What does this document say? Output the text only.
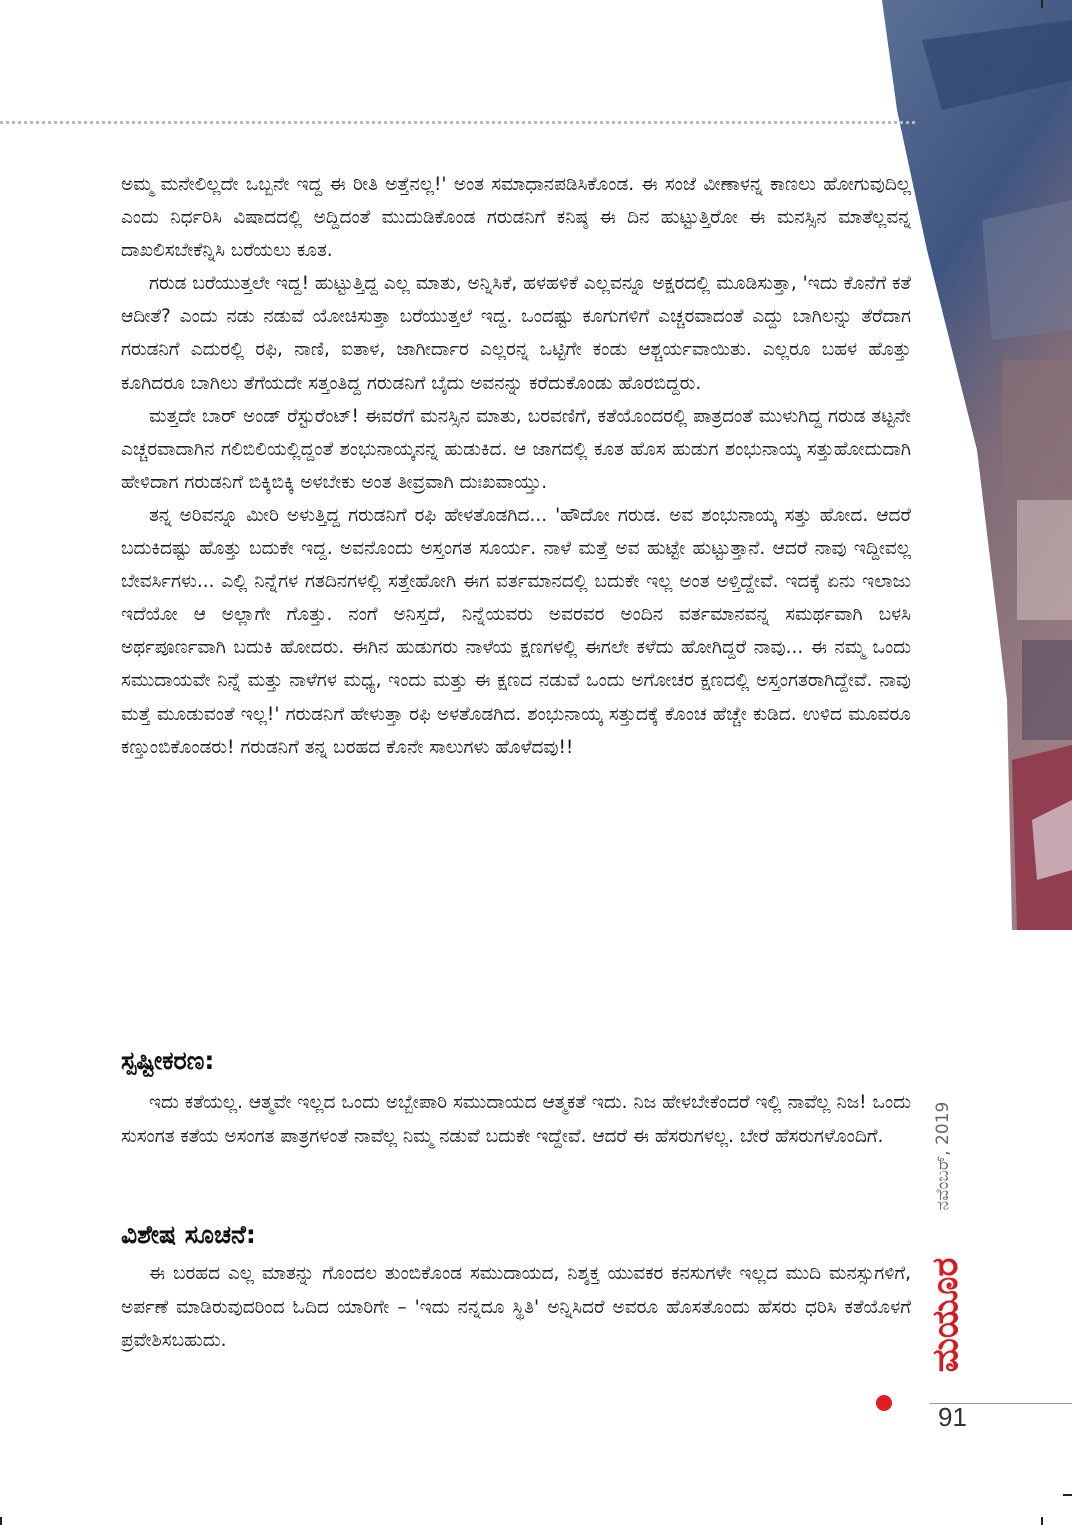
ಅಮ್ಮ ಮನೇಲಿಲ್ಲದೇ ಒಬ್ಬನೇ ಇದ್ದ ಈ ರೀತಿ ಅತ್ತೆನಲ್ಲ!' ಅಂತ ಸಮಾಧಾನಪಡಿಸಿಕೊಂಡ. ಈ ಸಂಜೆ ವೀಣಾಳನ್ನ ಕಾಣಲು ಹೋಗುವುದಿಲ್ಲ ಎಂದು ನಿರ್ಧರಿಸಿ ವಿಷಾದದಲ್ಲಿ ಅದ್ದಿದಂತೆ ಮುದುಡಿಕೊಂಡ ಗರುಡನಿಗೆ ಕನಿಷ್ಠ ಈ ದಿನ ಹುಟ್ಟುತ್ತಿರೋ ಈ ಮನಸ್ಸಿನ ಮಾತೆಲ್ಲವನ್ನ ದಾಖಲಿಸಬೇಕೆನ್ನಿಸಿ ಬರೆಯಲು ಕೂತ.

ಗರುಡ ಬರೆಯುತ್ತಲೇ ಇದ್ದ! ಹುಟ್ಟುತ್ತಿದ್ದ ಎಲ್ಲ ಮಾತು, ಅನ್ನಿಸಿಕೆ, ಹಳಹಳಿಕೆ ಎಲ್ಲವನ್ನೂ ಅಕ್ಷರದಲ್ಲಿ ಮೂಡಿಸುತ್ತಾ, 'ಇದು ಕೊನೆಗೆ ಕತೆ ಆದೀತೆ? ಎಂದು ನಡು ನಡುವೆ ಯೋಚಿಸುತ್ತಾ ಬರೆಯುತ್ತಲೆ ಇದ್ದ. ಒಂದಷ್ಟು ಕೂಗುಗಳಿಗೆ ಎಚ್ಚರವಾದಂತೆ ಎದ್ದು ಬಾಗಿಲನ್ನು ತೆರೆದಾಗ ಗರುಡನಿಗೆ ಎದುರಲ್ಲಿ ರಫಿ, ನಾಣಿ, ಐತಾಳ, ಜಾಗೀರ್ದಾರ ಎಲ್ಲರನ್ನ ಒಟ್ಟಿಗೇ ಕಂಡು ಆಶ್ಚರ್ಯವಾಯಿತು. ಎಲ್ಲರೂ ಬಹಳ ಹೊತ್ತು ಕೂಗಿದರೂ ಬಾಗಿಲು ತೆಗೆಯದೇ ಸತ್ತಂತಿದ್ದ ಗರುಡನಿಗೆ ಬೈದು ಅವನನ್ನು ಕರೆದುಕೊಂಡು ಹೊರಬಿದ್ದರು.

ಮತ್ತದೇ ಬಾರ್ ಅಂಡ್ ರೆಸ್ಟುರೆಂಟ್! ಈವರೆಗೆ ಮನಸ್ಸಿನ ಮಾತು, ಬರವಣಿಗೆ, ಕತೆಯೊಂದರಲ್ಲಿ ಪಾತ್ರದಂತೆ ಮುಳುಗಿದ್ದ ಗರುಡ ತಟ್ಟನೇ ಎಚ್ಚರವಾದಾಗಿನ ಗಲಿಬಿಲಿಯಲ್ಲಿದ್ದಂತೆ ಶಂಭುನಾಯ್ಕನನ್ನ ಹುಡುಕಿದ. ಆ ಜಾಗದಲ್ಲಿ ಕೂತ ಹೊಸ ಹುಡುಗ ಶಂಭುನಾಯ್ಕ ಸತ್ತುಹೋದುದಾಗಿ ಹೇಳಿದಾಗ ಗರುಡನಿಗೆ ಬಿಕ್ಕಿಬಿಕ್ಕಿ ಅಳಬೇಕು ಅಂತ ತೀವ್ರವಾಗಿ ದುಃಖವಾಯ್ತು.

ತನ್ನ ಅರಿವನ್ನೂ ಮೀರಿ ಅಳುತ್ತಿದ್ದ ಗರುಡನಿಗೆ ರಫಿ ಹೇಳತೊಡಗಿದ... 'ಹೌದೋ ಗರುಡ. ಅವ ಶಂಭುನಾಯ್ಕ ಸತ್ತು ಹೋದ. ಆದರೆ ಬದುಕಿದಷ್ಟು ಹೊತ್ತು ಬದುಕೇ ಇದ್ದ. ಅವನೊಂದು ಅಸ್ತಂಗತ ಸೂರ್ಯ. ನಾಳೆ ಮತ್ತೆ ಅವ ಹುಟ್ಟೇ ಹುಟ್ಟುತ್ತಾನೆ. ಆದರೆ ನಾವು ಇದ್ದೀವಲ್ಲ ಬೇವರ್ಸಿಗಳು... ಎಲ್ಲಿ ನಿನ್ನೆಗಳ ಗತದಿನಗಳಲ್ಲಿ ಸತ್ತೇಹೋಗಿ ಈಗ ವರ್ತಮಾನದಲ್ಲಿ ಬದುಕೇ ಇಲ್ಲ ಅಂತ ಅಳ್ತಿದ್ದೇವೆ. ಇದಕ್ಕೆ ಏನು ಇಲಾಜು ಇದೆಯೋ ಆ ಅಲ್ಲಾಗೇ ಗೊತ್ತು. ನಂಗೆ ಅನಿಸ್ತದೆ, ನಿನ್ನೆಯವರು ಅವರವರ ಅಂದಿನ ವರ್ತಮಾನವನ್ನ ಸಮರ್ಥವಾಗಿ ಬಳಸಿ ಅರ್ಥಪೂರ್ಣವಾಗಿ ಬದುಕಿ ಹೋದರು. ಈಗಿನ ಹುಡುಗರು ನಾಳೆಯ ಕ್ಷಣಗಳಲ್ಲಿ ಈಗಲೇ ಕಳೆದು ಹೋಗಿದ್ದರೆ ನಾವು... ಈ ನಮ್ಮ ಒಂದು ಸಮುದಾಯವೇ ನಿನ್ನೆ ಮತ್ತು ನಾಳೆಗಳ ಮಧ್ಯ, ಇಂದು ಮತ್ತು ಈ ಕ್ಷಣದ ನಡುವೆ ಒಂದು ಅಗೋಚರ ಕ್ಷಣದಲ್ಲಿ ಅಸ್ತಂಗತರಾಗಿದ್ದೇವೆ. ನಾವು ಮತ್ತೆ ಮೂಡುವಂತೆ ಇಲ್ಲ!' ಗರುಡನಿಗೆ ಹೇಳುತ್ತಾ ರಫಿ ಅಳತೊಡಗಿದ. ಶಂಭುನಾಯ್ಕ ಸತ್ತುದಕ್ಕೆ ಕೊಂಚ ಹೆಚ್ಚೇ ಕುಡಿದ. ಉಳಿದ ಮೂವರೂ ಕಣ್ತುಂಬಿಕೊಂಡರು! ಗರುಡನಿಗೆ ತನ್ನ ಬರಹದ ಕೊನೇ ಸಾಲುಗಳು ಹೊಳೆದವು!!

ಸ್ಪಷ್ಟೀಕರಣ:
ಇದು ಕತೆಯಲ್ಲ. ಆತ್ಮವೇ ಇಲ್ಲದ ಒಂದು ಅಬ್ಬೇಪಾರಿ ಸಮುದಾಯದ ಆತ್ಮಕತೆ ಇದು. ನಿಜ ಹೇಳಬೇಕೆಂದರೆ ಇಲ್ಲಿ ನಾವೆಲ್ಲ ನಿಜ! ಒಂದು ಸುಸಂಗತ ಕತೆಯ ಅಸಂಗತ ಪಾತ್ರಗಳಂತೆ ನಾವೆಲ್ಲ ನಿಮ್ಮ ನಡುವೆ ಬದುಕೇ ಇದ್ದೇವೆ. ಆದರೆ ಈ ಹೆಸರುಗಳಲ್ಲ. ಬೇರೆ ಹೆಸರುಗಳೊಂದಿಗೆ.
ವಿಶೇಷ ಸೂಚನೆ:
ಈ ಬರಹದ ಎಲ್ಲ ಮಾತನ್ನು ಗೊಂದಲ ತುಂಬಿಕೊಂಡ ಸಮುದಾಯದ, ನಿಶ್ಶಕ್ತ ಯುವಕರ ಕನಸುಗಳೇ ಇಲ್ಲದ ಮುದಿ ಮನಸ್ಸುಗಳಿಗೆ, ಅರ್ಪಣೆ ಮಾಡಿರುವುದರಿಂದ ಓದಿದ ಯಾರಿಗೇ – 'ಇದು ನನ್ನದೂ ಸ್ಥಿತಿ' ಅನ್ನಿಸಿದರೆ ಅವರೂ ಹೊಸತೊಂದು ಹೆಸರು ಧರಿಸಿ ಕತೆಯೊಳಗೆ ಪ್ರವೇಶಿಸಬಹುದು.
ನವೆಂಬರ್, 2019
ಮಯೂರ
91
